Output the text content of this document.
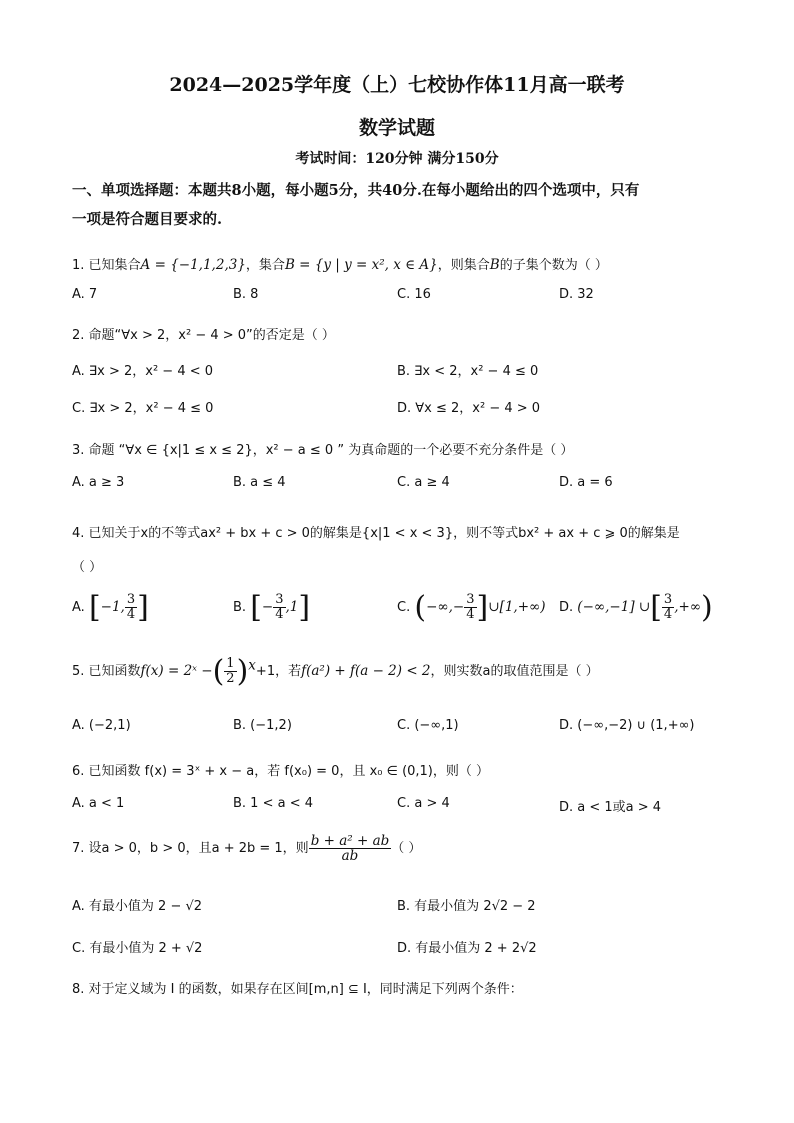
2024—2025学年度（上）七校协作体11月高一联考
数学试题
考试时间：120分钟 满分150分
一、单项选择题：本题共8小题，每小题5分，共40分.在每小题给出的四个选项中，只有
一项是符合题目要求的.
1. 已知集合A = {−1,1,2,3}，集合B = {y | y = x², x ∈ A}，则集合B的子集个数为（ ）
A. 7	B. 8	C. 16	D. 32
2. 命题“∀x > 2，x² − 4 > 0”的否定是（ ）
A. ∃x > 2，x² − 4 < 0	B. ∃x < 2，x² − 4 ≤ 0
C. ∃x > 2，x² − 4 ≤ 0	D. ∀x ≤ 2，x² − 4 > 0
3. 命题 “∀x ∈ {x|1 ≤ x ≤ 2}，x² − a ≤ 0 ” 为真命题的一个必要不充分条件是（ ）
A. a ≥ 3	B. a ≤ 4	C. a ≥ 4	D. a = 6
4. 已知关于x的不等式ax² + bx + c > 0的解集是{x|1 < x < 3}，则不等式bx² + ax + c ⩾ 0的解集是
（ ）
A. [−1, $\frac{3}{4}$ ]	B. [− $\frac{3}{4} ,1$]	C. (−∞,− $\frac{3}{4}$ ]∪[1,+∞) D. (−∞,−1] ∪[ $\frac{3}{4}$ ,+∞)
5. 已知函数f(x) = 2ˣ −( $\frac{1}{2} )^x+1$，若f(a²) + f(a − 2) < 2，则实数a的取值范围是（ ）
A. (−2,1)	B. (−1,2)	C. (−∞,1)	D. (−∞,−2) ∪ (1,+∞)
6. 已知函数 f(x) = 3ˣ + x − a，若 f(x₀) = 0，且 x₀ ∈ (0,1)，则（ ）
A. a < 1	B. 1 < a < 4	C. a > 4	D. a < 1或a > 4
7. 设a > 0，b > 0，且a + 2b = 1，则 $\frac{\text{b + a² + ab}}{ab}$ （ ）
A. 有最小值为 2 − √2	B. 有最小值为 2√2 − 2
C. 有最小值为 2 + √2	D. 有最小值为 2 + 2√2
8. 对于定义域为 I 的函数，如果存在区间[m,n] ⊆ I，同时满足下列两个条件：
